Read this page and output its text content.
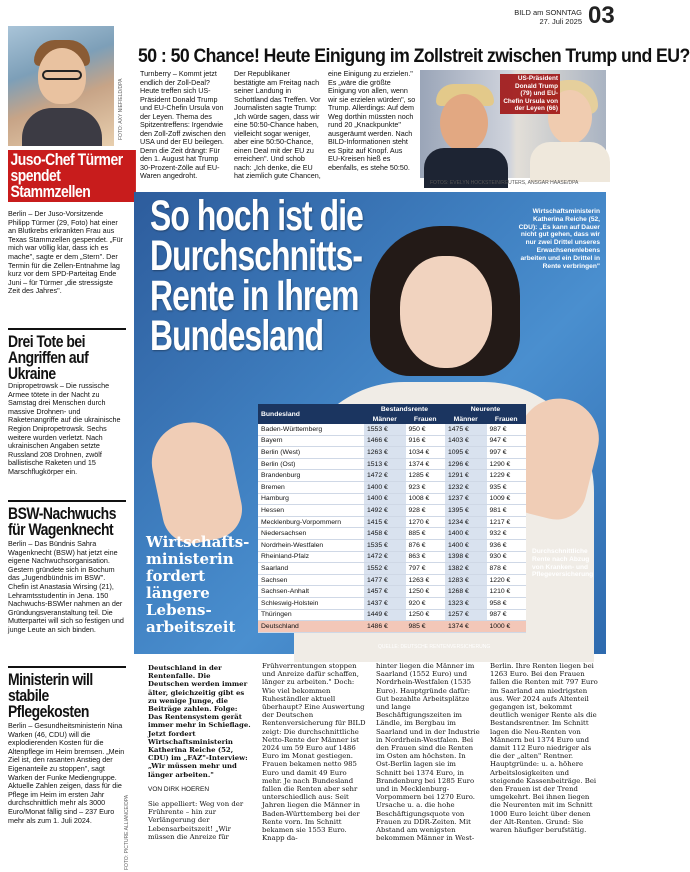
BILD am SONNTAG
27. Juli 2025 03
FOTO: AXY NIEFIELD/DPA
Juso-Chef Türmer spendet Stammzellen
Berlin – Der Juso-Vorsitzende Philipp Türmer (29, Foto) hat einer an Blutkrebs erkrankten Frau aus Texas Stammzellen gespendet. „Für mich war völlig klar, dass ich es mache", sagte er dem „Stern". Der Termin für die Zellen-Entnahme lag kurz vor dem SPD-Parteitag Ende Juni – für Türmer „die stressigste Zeit des Jahres".
Drei Tote bei Angriffen auf Ukraine
Dnipropetrowsk – Die russische Armee tötete in der Nacht zu Samstag drei Menschen durch massive Drohnen- und Raketenangriffe auf die ukrainische Region Dnipropetrowsk. Sechs weitere wurden verletzt. Nach ukrainischen Angaben setzte Russland 208 Drohnen, zwölf ballistische Raketen und 15 Marschflugkörper ein.
BSW-Nachwuchs für Wagenknecht
Berlin – Das Bündnis Sahra Wagenknecht (BSW) hat jetzt eine eigene Nachwuchsorganisation. Gestern gründete sich in Bochum das „Jugendbündnis im BSW". Chefin ist Anastasia Wirsing (21), Lehramtsstudentin in Jena. 150 Nachwuchs-BSWler nahmen an der Gründungsveranstaltung teil. Die Mutterpartei will sich so festigen und junge Leute an sich binden.
Ministerin will stabile Pflegekosten
Berlin – Gesundheitsministerin Nina Warken (46, CDU) will die explodierenden Kosten für die Altenpflege im Heim bremsen. „Mein Ziel ist, den rasanten Anstieg der Eigenanteile zu stoppen", sagt Warken der Funke Mediengruppe. Aktuelle Zahlen zeigen, dass für die Pflege im Heim im ersten Jahr durchschnittlich mehr als 3000 Euro/Monat fällig sind – 237 Euro mehr als zum 1. Juli 2024.	FOTO: PICTURE ALLIANCE/DPA
50 : 50 Chance! Heute Einigung im Zollstreit zwischen Trump und EU?
Turnberry – Kommt jetzt endlich der Zoll-Deal? Heute treffen sich US-Präsident Donald Trump und EU-Chefin Ursula von der Leyen. Thema des Spitzentreffens: Irgendwie den Zoll-Zoff zwischen den USA und der EU beilegen. Denn die Zeit drängt: Für den 1. August hat Trump 30-Prozent-Zölle auf EU-Waren angedroht.
Der Republikaner bestätigte am Freitag nach seiner Landung in Schottland das Treffen. Vor Journalisten sagte Trump: „Ich würde sagen, dass wir eine 50:50-Chance haben, vielleicht sogar weniger, aber eine 50:50-Chance, einen Deal mit der EU zu erreichen". Und schob nach: „Ich denke, die EU hat ziemlich gute Chancen,
eine Einigung zu erzielen." Es „wäre die größte Einigung von allen, wenn wir sie erzielen würden", so Trump. Allerdings: Auf dem Weg dorthin müssten noch rund 20 „Knackpunkte" ausgeräumt werden. Nach BILD-Informationen steht es Spitz auf Knopf. Aus EU-Kreisen hieß es ebenfalls, es stehe 50:50.
US-Präsident Donald Trump (79) und EU-Chefin Ursula von der Leyen (66)
FOTOS: EVELYN HOCKSTEIN/REUTERS, ANSGAR HAASE/DPA
So hoch ist die
Durchschnitts-
Rente in Ihrem
Bundesland
Wirtschaftsministerin Katherina Reiche (52, CDU): „Es kann auf Dauer nicht gut gehen, dass wir nur zwei Drittel unseres Erwachsenenlebens arbeiten und ein Drittel in Rente verbringen"
Wirtschafts-ministerin fordert längere Lebens-arbeitszeit
Durchschnittliche Rente nach Abzug von Kranken- und Pflegeversicherung
Bundesland	Bestandsrente		Neurente	
	Männer	Frauen	Männer	Frauen
Baden-Württemberg	1553 €	950 €	1475 €	987 €
Bayern	1466 €	916 €	1403 €	947 €
Berlin (West)	1263 €	1034 €	1095 €	997 €
Berlin (Ost)	1513 €	1374 €	1296 €	1290 €
Brandenburg	1472 €	1285 €	1291 €	1229 €
Bremen	1400 €	923 €	1232 €	935 €
Hamburg	1400 €	1008 €	1237 €	1009 €
Hessen	1492 €	928 €	1395 €	981 €
Mecklenburg-Vorpommern	1415 €	1270 €	1234 €	1217 €
Niedersachsen	1458 €	885 €	1400 €	932 €
Nordrhein-Westfalen	1535 €	876 €	1400 €	936 €
Rheinland-Pfalz	1472 €	863 €	1398 €	930 €
Saarland	1552 €	797 €	1382 €	878 €
Sachsen	1477 €	1263 €	1283 €	1220 €
Sachsen-Anhalt	1457 €	1250 €	1268 €	1210 €
Schleswig-Holstein	1437 €	920 €	1323 €	958 €
Thüringen	1449 €	1250 €	1257 €	987 €
Deutschland	1486 €	985 €	1374 €	1000 €
QUELLE: DEUTSCHE RENTENVERSICHERUNG
Deutschland in der Rentenfalle. Die Deutschen werden immer älter, gleichzeitig gibt es zu wenige Junge, die Beiträge zahlen. Folge: Das Rentensystem gerät immer mehr in Schieflage. Jetzt fordert Wirtschaftsministerin Katherina Reiche (52, CDU) im „FAZ"-Interview: „Wir müssen mehr und länger arbeiten."
VON DIRK HOEREN
Sie appelliert: Weg von der Frührente – hin zur Verlängerung der Lebensarbeitszeit! „Wir müssen die Anreize für
Frühverrentungen stoppen und Anreize dafür schaffen, länger zu arbeiten." Doch: Wie viel bekommen Ruheständler aktuell überhaupt? Eine Auswertung der Deutschen Rentenversicherung für BILD zeigt: Die durchschnittliche Netto-Rente der Männer ist 2024 um 59 Euro auf 1486 Euro im Monat gestiegen. Frauen bekamen netto 985 Euro und damit 49 Euro mehr. Je nach Bundesland fallen die Renten aber sehr unterschiedlich aus: Seit Jahren liegen die Männer in Baden-Württemberg bei der Rente vorn. Im Schnitt bekamen sie 1553 Euro. Knapp da-
hinter liegen die Männer im Saarland (1552 Euro) und Nordrhein-Westfalen (1535 Euro). Hauptgründe dafür: Gut bezahlte Arbeitsplätze und lange Beschäftigungszeiten im Ländle, im Bergbau im Saarland und in der Industrie in Nordrhein-Westfalen. Bei den Frauen sind die Renten im Osten am höchsten. In Ost-Berlin lagen sie im Schnitt bei 1374 Euro, in Brandenburg bei 1285 Euro und in Mecklenburg-Vorpommern bei 1270 Euro. Ursache u. a. die hohe Beschäftigungsquote von Frauen zu DDR-Zeiten. Mit Abstand am wenigsten bekommen Männer in West-
Berlin. Ihre Renten liegen bei 1263 Euro. Bei den Frauen fallen die Renten mit 797 Euro im Saarland am niedrigsten aus. Wer 2024 aufs Altenteil gegangen ist, bekommt deutlich weniger Rente als die Bestandsrentner. Im Schnitt lagen die Neu-Renten von Männern bei 1374 Euro und damit 112 Euro niedriger als die der „alten" Rentner. Hauptgründe: u. a. höhere Arbeitslosigkeiten und steigende Kassenbeiträge. Bei den Frauen ist der Trend umgekehrt. Bei ihnen liegen die Neurenten mit im Schnitt 1000 Euro leicht über denen der Alt-Renten. Grund: Sie waren häufiger berufstätig.
